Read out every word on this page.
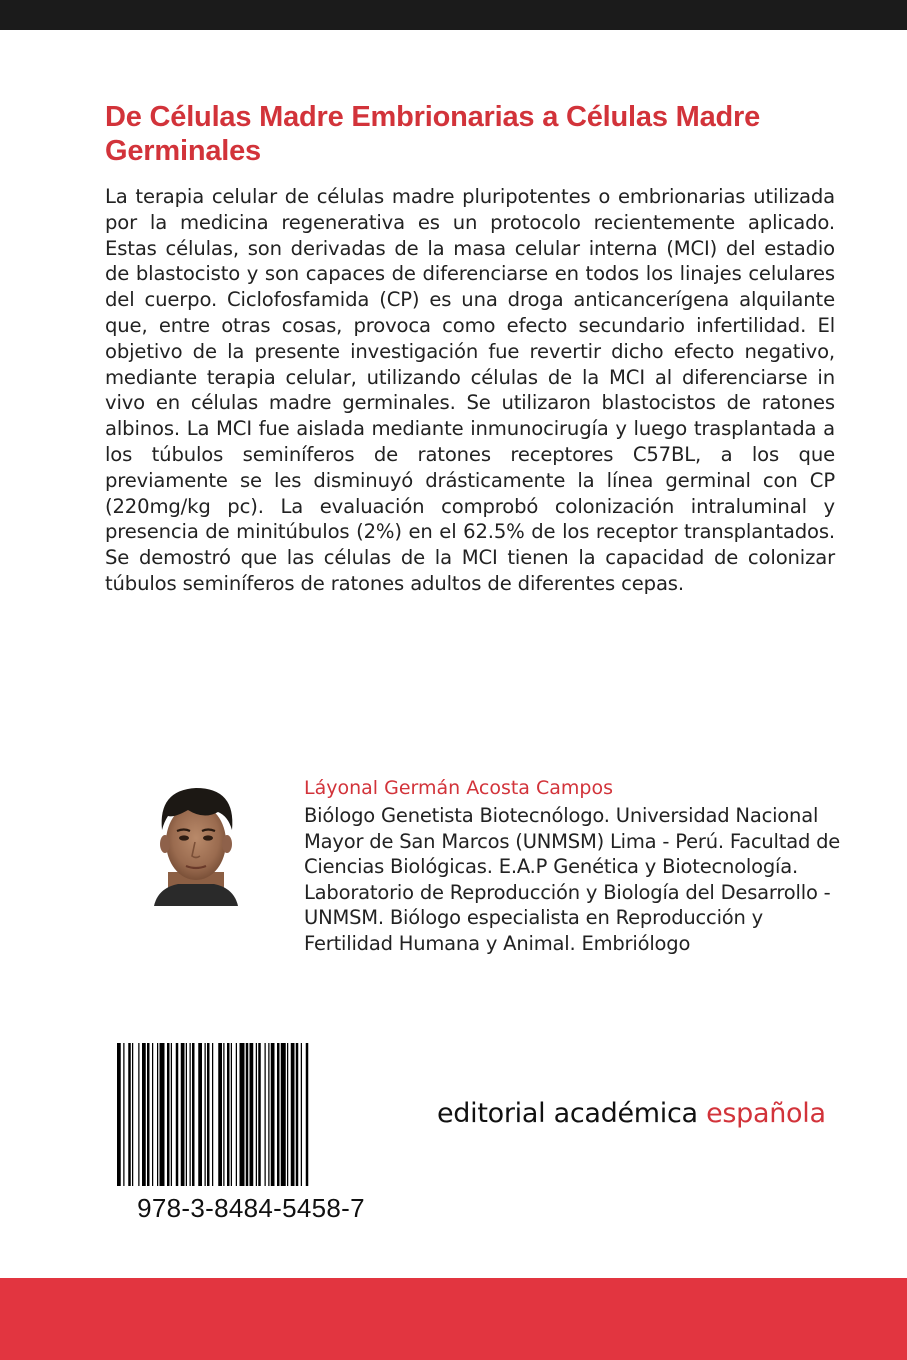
De Células Madre Embrionarias a Células Madre Germinales

La terapia celular de células madre pluripotentes o embrionarias utilizada por la medicina regenerativa es un protocolo recientemente aplicado. Estas células, son derivadas de la masa celular interna (MCI) del estadio de blastocisto y son capaces de diferenciarse en todos los linajes celulares del cuerpo. Ciclofosfamida (CP) es una droga anticancerígena alquilante que, entre otras cosas, provoca como efecto secundario infertilidad. El objetivo de la presente investigación fue revertir dicho efecto negativo, mediante terapia celular, utilizando células de la MCI al diferenciarse in vivo en células madre germinales. Se utilizaron blastocistos de ratones albinos. La MCI fue aislada mediante inmunocirugía y luego trasplantada a los túbulos seminíferos de ratones receptores C57BL, a los que previamente se les disminuyó drásticamente la línea germinal con CP (220mg/kg pc). La evaluación comprobó colonización intraluminal y presencia de minitúbulos (2%) en el 62.5% de los receptor transplantados. Se demostró que las células de la MCI tienen la capacidad de colonizar túbulos seminíferos de ratones adultos de diferentes cepas.

Láyonal Germán Acosta Campos

Biólogo Genetista Biotecnólogo. Universidad Nacional Mayor de San Marcos (UNMSM) Lima - Perú. Facultad de Ciencias Biológicas. E.A.P Genética y Biotecnología. Laboratorio de Reproducción y Biología del Desarrollo - UNMSM. Biólogo especialista en Reproducción y Fertilidad Humana y Animal. Embriólogo

978-3-8484-5458-7

editorial académica española
